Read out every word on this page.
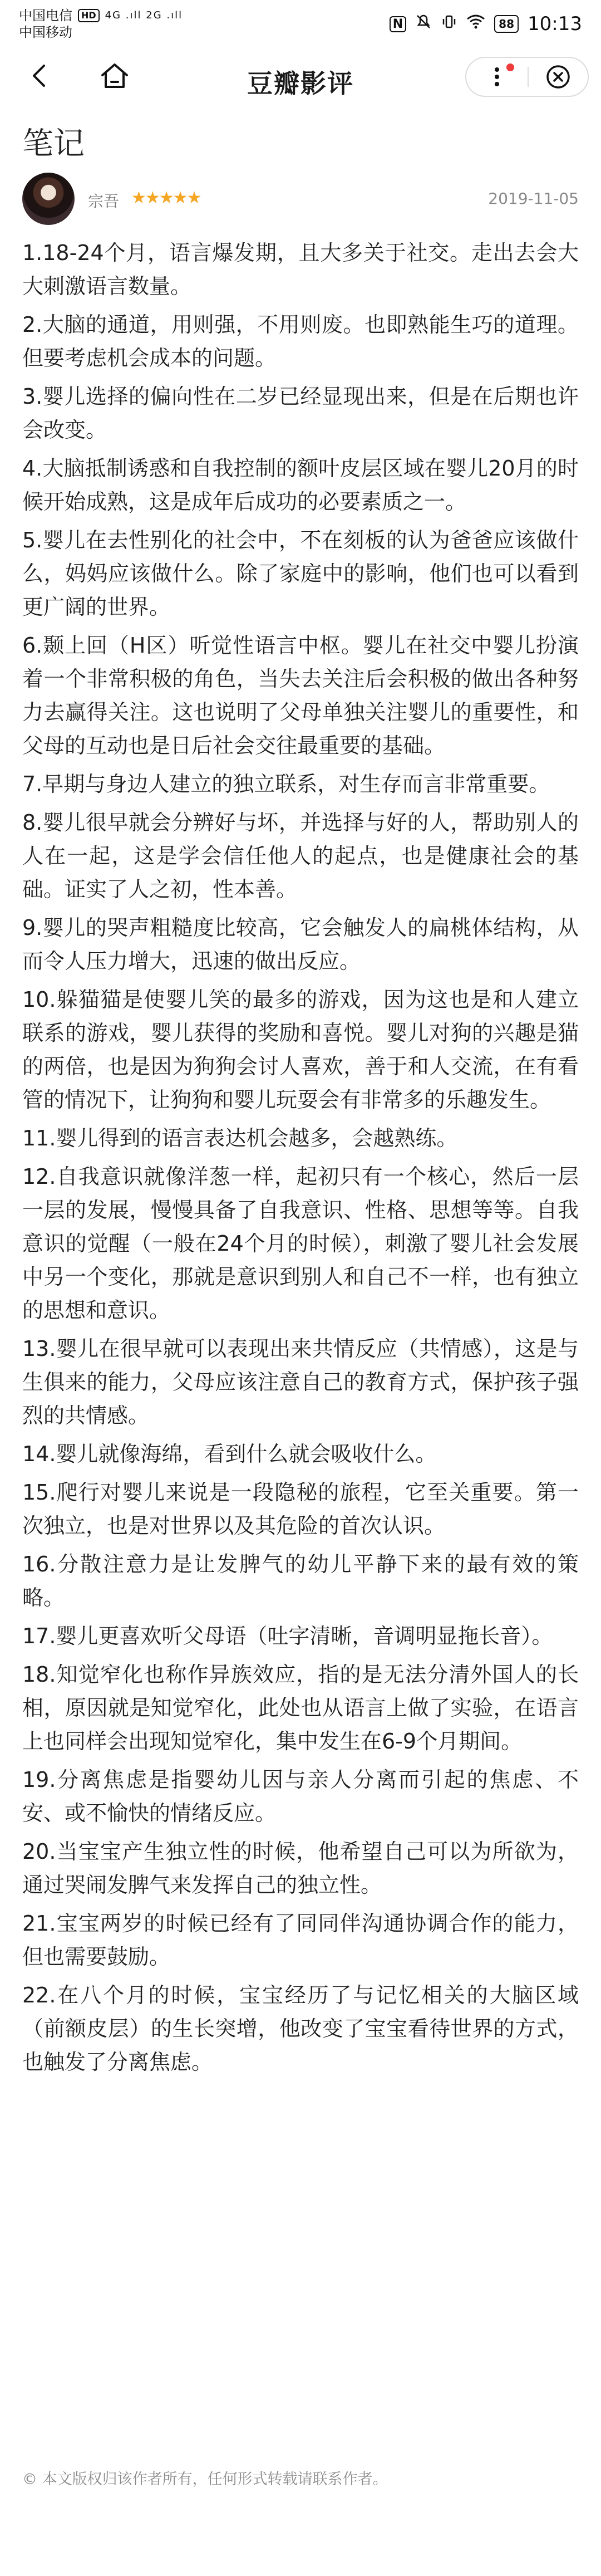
中国电信	HD 4G .ıll 2G .ıll
中国移动
N	88 10:13
豆瓣影评
笔记
宗吾 ★★★★★	2019-11-05

1.18-24个月，语言爆发期，且大多关于社交。走出去会大大刺激语言数量。

2.大脑的通道，用则强，不用则废。也即熟能生巧的道理。但要考虑机会成本的问题。

3.婴儿选择的偏向性在二岁已经显现出来，但是在后期也许会改变。

4.大脑抵制诱惑和自我控制的额叶皮层区域在婴儿20月的时候开始成熟，这是成年后成功的必要素质之一。

5.婴儿在去性别化的社会中，不在刻板的认为爸爸应该做什么，妈妈应该做什么。除了家庭中的影响，他们也可以看到更广阔的世界。

6.颞上回（H区）听觉性语言中枢。婴儿在社交中婴儿扮演着一个非常积极的角色，当失去关注后会积极的做出各种努力去赢得关注。这也说明了父母单独关注婴儿的重要性，和父母的互动也是日后社会交往最重要的基础。

7.早期与身边人建立的独立联系，对生存而言非常重要。

8.婴儿很早就会分辨好与坏，并选择与好的人，帮助别人的人在一起，这是学会信任他人的起点，也是健康社会的基础。证实了人之初，性本善。

9.婴儿的哭声粗糙度比较高，它会触发人的扁桃体结构，从而令人压力增大，迅速的做出反应。

10.躲猫猫是使婴儿笑的最多的游戏，因为这也是和人建立联系的游戏，婴儿获得的奖励和喜悦。婴儿对狗的兴趣是猫的两倍，也是因为狗狗会讨人喜欢，善于和人交流，在有看管的情况下，让狗狗和婴儿玩耍会有非常多的乐趣发生。

11.婴儿得到的语言表达机会越多，会越熟练。

12.自我意识就像洋葱一样，起初只有一个核心，然后一层一层的发展，慢慢具备了自我意识、性格、思想等等。自我意识的觉醒（一般在24个月的时候），刺激了婴儿社会发展中另一个变化，那就是意识到别人和自己不一样，也有独立的思想和意识。

13.婴儿在很早就可以表现出来共情反应（共情感），这是与生俱来的能力，父母应该注意自己的教育方式，保护孩子强烈的共情感。

14.婴儿就像海绵，看到什么就会吸收什么。

15.爬行对婴儿来说是一段隐秘的旅程，它至关重要。第一次独立，也是对世界以及其危险的首次认识。

16.分散注意力是让发脾气的幼儿平静下来的最有效的策略。

17.婴儿更喜欢听父母语（吐字清晰，音调明显拖长音）。

18.知觉窄化也称作异族效应，指的是无法分清外国人的长相，原因就是知觉窄化，此处也从语言上做了实验，在语言上也同样会出现知觉窄化，集中发生在6-9个月期间。

19.分离焦虑是指婴幼儿因与亲人分离而引起的焦虑、不安、或不愉快的情绪反应。

20.当宝宝产生独立性的时候，他希望自己可以为所欲为，通过哭闹发脾气来发挥自己的独立性。

21.宝宝两岁的时候已经有了同同伴沟通协调合作的能力，但也需要鼓励。

22.在八个月的时候，宝宝经历了与记忆相关的大脑区域（前额皮层）的生长突增，他改变了宝宝看待世界的方式，也触发了分离焦虑。

© 本文版权归该作者所有，任何形式转载请联系作者。
